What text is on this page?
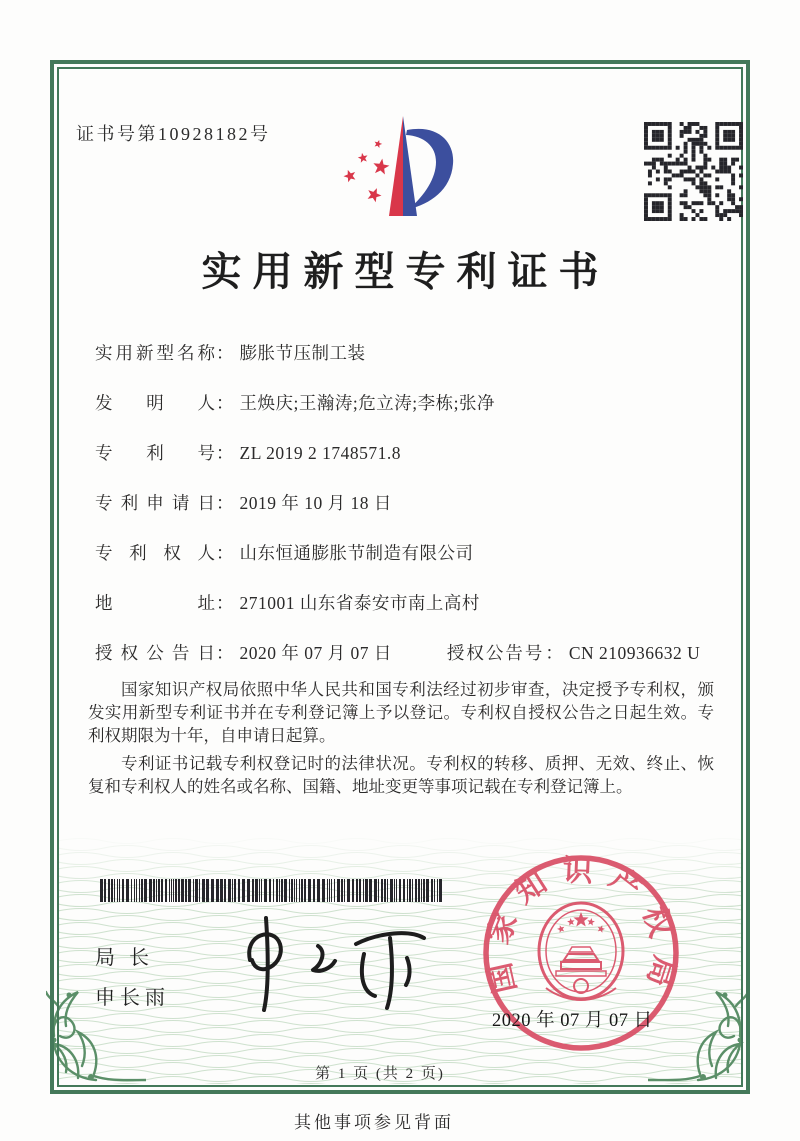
证书号第10928182号
实用新型专利证书
实用新型名称： 膨胀节压制工装
发明人： 王焕庆;王瀚涛;危立涛;李栋;张净
专利号： ZL 2019 2 1748571.8
专利申请日： 2019 年 10 月 18 日
专利权人： 山东恒通膨胀节制造有限公司
地址： 271001 山东省泰安市南上高村
授权公告日： 2020 年 07 月 07 日	授权公告号： CN 210936632 U

国家知识产权局依照中华人民共和国专利法经过初步审查，决定授予专利权，颁发实用新型专利证书并在专利登记簿上予以登记。专利权自授权公告之日起生效。专利权期限为十年，自申请日起算。

专利证书记载专利权登记时的法律状况。专利权的转移、质押、无效、终止、恢复和专利权人的姓名或名称、国籍、地址变更等事项记载在专利登记簿上。

局长
申长雨
国家知识产权局
2020 年 07 月 07 日
第 1 页 (共 2 页)
其他事项参见背面
